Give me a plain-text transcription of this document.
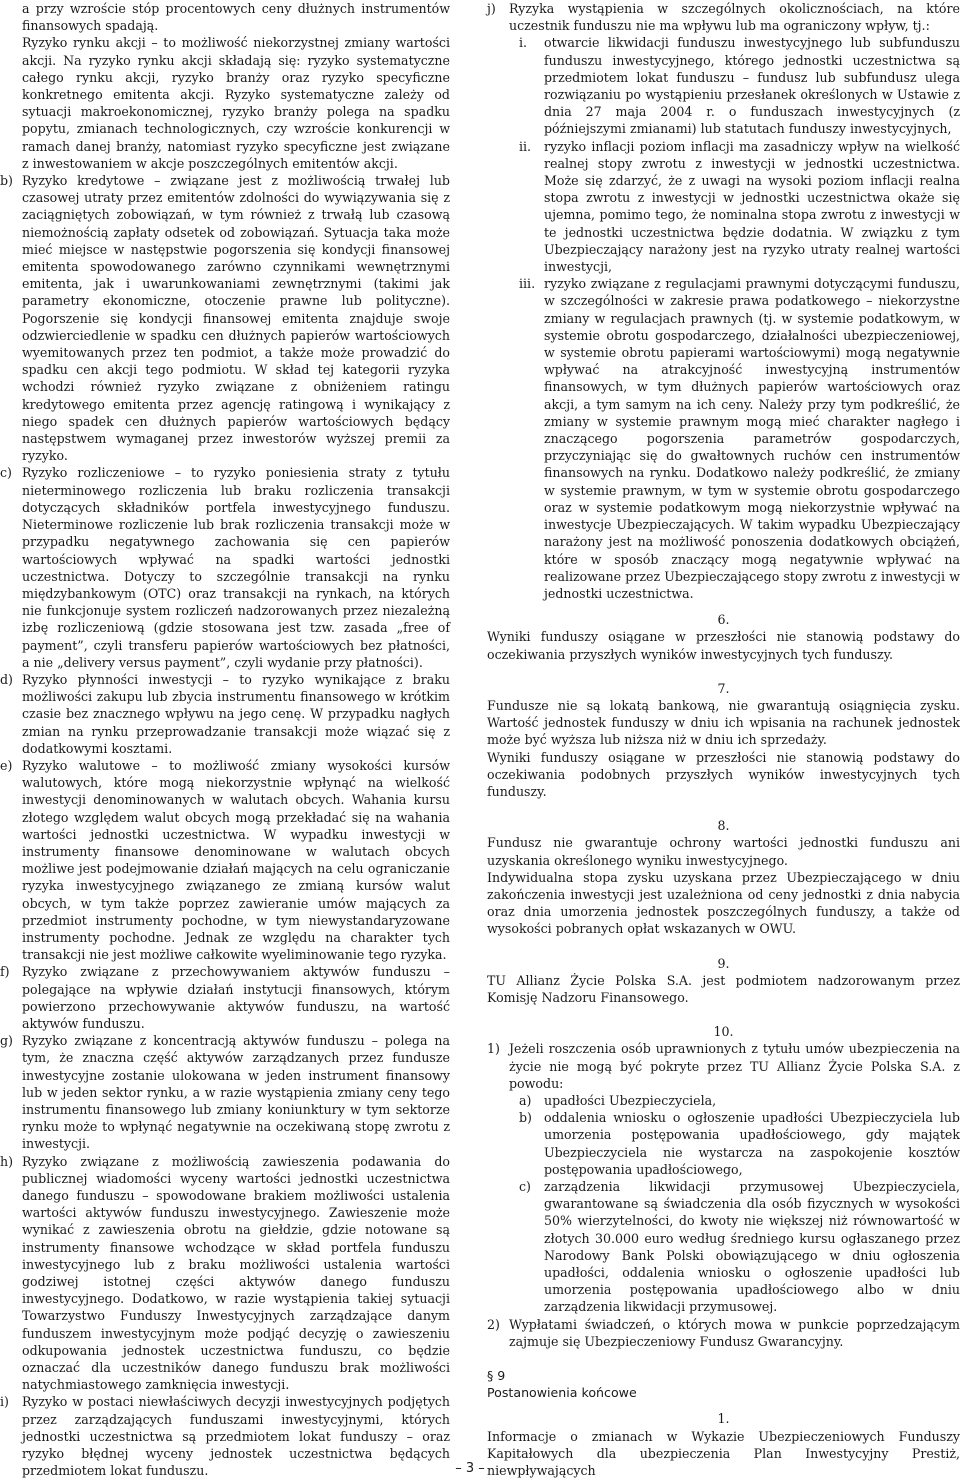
a przy wzroście stóp procentowych ceny dłużnych instrumentów finansowych spadają.

Ryzyko rynku akcji – to możliwość niekorzystnej zmiany wartości akcji. Na ryzyko rynku akcji składają się: ryzyko systematyczne całego rynku akcji, ryzyko branży oraz ryzyko specyficzne konkretnego emitenta akcji. Ryzyko systematyczne zależy od sytuacji makroekonomicznej, ryzyko branży polega na spadku popytu, zmianach technologicznych, czy wzroście konkurencji w ramach danej branży, natomiast ryzyko specyficzne jest związane z inwestowaniem w akcje poszczególnych emitentów akcji.

b) Ryzyko kredytowe – związane jest z możliwością trwałej lub czasowej utraty przez emitentów zdolności do wywiązywania się z zaciągniętych zobowiązań, w tym również z trwałą lub czasową niemożnością zapłaty odsetek od zobowiązań. Sytuacja taka może mieć miejsce w następstwie pogorszenia się kondycji finansowej emitenta spowodowanego zarówno czynnikami wewnętrznymi emitenta, jak i uwarunkowaniami zewnętrznymi (takimi jak parametry ekonomiczne, otoczenie prawne lub polityczne). Pogorszenie się kondycji finansowej emitenta znajduje swoje odzwierciedlenie w spadku cen dłużnych papierów wartościowych wyemitowanych przez ten podmiot, a także może prowadzić do spadku cen akcji tego podmiotu. W skład tej kategorii ryzyka wchodzi również ryzyko związane z obniżeniem ratingu kredytowego emitenta przez agencję ratingową i wynikający z niego spadek cen dłużnych papierów wartościowych będący następstwem wymaganej przez inwestorów wyższej premii za ryzyko.
c) Ryzyko rozliczeniowe – to ryzyko poniesienia straty z tytułu nieterminowego rozliczenia lub braku rozliczenia transakcji dotyczących składników portfela inwestycyjnego funduszu. Nieterminowe rozliczenie lub brak rozliczenia transakcji może w przypadku negatywnego zachowania się cen papierów wartościowych wpływać na spadki wartości jednostki uczestnictwa. Dotyczy to szczególnie transakcji na rynku międzybankowym (OTC) oraz transakcji na rynkach, na których nie funkcjonuje system rozliczeń nadzorowanych przez niezależną izbę rozliczeniową (gdzie stosowana jest tzw. zasada „free of payment”, czyli transferu papierów wartościowych bez płatności, a nie „delivery versus payment”, czyli wydanie przy płatności).
d) Ryzyko płynności inwestycji – to ryzyko wynikające z braku możliwości zakupu lub zbycia instrumentu finansowego w krótkim czasie bez znacznego wpływu na jego cenę. W przypadku nagłych zmian na rynku przeprowadzanie transakcji może wiązać się z dodatkowymi kosztami.
e) Ryzyko walutowe – to możliwość zmiany wysokości kursów walutowych, które mogą niekorzystnie wpłynąć na wielkość inwestycji denominowanych w walutach obcych. Wahania kursu złotego względem walut obcych mogą przekładać się na wahania wartości jednostki uczestnictwa. W wypadku inwestycji w instrumenty finansowe denominowane w walutach obcych możliwe jest podejmowanie działań mających na celu ograniczanie ryzyka inwestycyjnego związanego ze zmianą kursów walut obcych, w tym także poprzez zawieranie umów mających za przedmiot instrumenty pochodne, w tym niewystandaryzowane instrumenty pochodne. Jednak ze względu na charakter tych transakcji nie jest możliwe całkowite wyeliminowanie tego ryzyka.
f) Ryzyko związane z przechowywaniem aktywów funduszu – polegające na wpływie działań instytucji finansowych, którym powierzono przechowywanie aktywów funduszu, na wartość aktywów funduszu.
g) Ryzyko związane z koncentracją aktywów funduszu – polega na tym, że znaczna część aktywów zarządzanych przez fundusze inwestycyjne zostanie ulokowana w jeden instrument finansowy lub w jeden sektor rynku, a w razie wystąpienia zmiany ceny tego instrumentu finansowego lub zmiany koniunktury w tym sektorze rynku może to wpłynąć negatywnie na oczekiwaną stopę zwrotu z inwestycji.
h) Ryzyko związane z możliwością zawieszenia podawania do publicznej wiadomości wyceny wartości jednostki uczestnictwa danego funduszu – spowodowane brakiem możliwości ustalenia wartości aktywów funduszu inwestycyjnego. Zawieszenie może wynikać z zawieszenia obrotu na giełdzie, gdzie notowane są instrumenty finansowe wchodzące w skład portfela funduszu inwestycyjnego lub z braku możliwości ustalenia wartości godziwej istotnej części aktywów danego funduszu inwestycyjnego. Dodatkowo, w razie wystąpienia takiej sytuacji Towarzystwo Funduszy Inwestycyjnych zarządzające danym funduszem inwestycyjnym może podjąć decyzję o zawieszeniu odkupowania jednostek uczestnictwa funduszu, co będzie oznaczać dla uczestników danego funduszu brak możliwości natychmiastowego zamknięcia inwestycji.
i) Ryzyko w postaci niewłaściwych decyzji inwestycyjnych podjętych przez zarządzających funduszami inwestycyjnymi, których jednostki uczestnictwa są przedmiotem lokat funduszy – oraz ryzyko błędnej wyceny jednostek uczestnictwa będących przedmiotem lokat funduszu.
j) Ryzyka wystąpienia w szczególnych okolicznościach, na które uczestnik funduszu nie ma wpływu lub ma ograniczony wpływ, tj.:
i. otwarcie likwidacji funduszu inwestycyjnego lub subfunduszu funduszu inwestycyjnego, którego jednostki uczestnictwa są przedmiotem lokat funduszu – fundusz lub subfundusz ulega rozwiązaniu po wystąpieniu przesłanek określonych w Ustawie z dnia 27 maja 2004 r. o funduszach inwestycyjnych (z późniejszymi zmianami) lub statutach funduszy inwestycyjnych,
ii. ryzyko inflacji poziom inflacji ma zasadniczy wpływ na wielkość realnej stopy zwrotu z inwestycji w jednostki uczestnictwa. Może się zdarzyć, że z uwagi na wysoki poziom inflacji realna stopa zwrotu z inwestycji w jednostki uczestnictwa okaże się ujemna, pomimo tego, że nominalna stopa zwrotu z inwestycji w te jednostki uczestnictwa będzie dodatnia. W związku z tym Ubezpieczający narażony jest na ryzyko utraty realnej wartości inwestycji,
iii. ryzyko związane z regulacjami prawnymi dotyczącymi funduszu, w szczególności w zakresie prawa podatkowego – niekorzystne zmiany w regulacjach prawnych (tj. w systemie podatkowym, w systemie obrotu gospodarczego, działalności ubezpieczeniowej, w systemie obrotu papierami wartościowymi) mogą negatywnie wpływać na atrakcyjność inwestycyjną instrumentów finansowych, w tym dłużnych papierów wartościowych oraz akcji, a tym samym na ich ceny. Należy przy tym podkreślić, że zmiany w systemie prawnym mogą mieć charakter nagłego i znaczącego pogorszenia parametrów gospodarczych, przyczyniając się do gwałtownych ruchów cen instrumentów finansowych na rynku. Dodatkowo należy podkreślić, że zmiany w systemie prawnym, w tym w systemie obrotu gospodarczego oraz w systemie podatkowym mogą niekorzystnie wpływać na inwestycje Ubezpieczających. W takim wypadku Ubezpieczający narażony jest na możliwość ponoszenia dodatkowych obciążeń, które w sposób znaczący mogą negatywnie wpływać na realizowane przez Ubezpieczającego stopy zwrotu z inwestycji w jednostki uczestnictwa.

6.

Wyniki funduszy osiągane w przeszłości nie stanowią podstawy do oczekiwania przyszłych wyników inwestycyjnych tych funduszy.

7.

Fundusze nie są lokatą bankową, nie gwarantują osiągnięcia zysku. Wartość jednostek funduszy w dniu ich wpisania na rachunek jednostek może być wyższa lub niższa niż w dniu ich sprzedaży.

Wyniki funduszy osiągane w przeszłości nie stanowią podstawy do oczekiwania podobnych przyszłych wyników inwestycyjnych tych funduszy.

8.

Fundusz nie gwarantuje ochrony wartości jednostki funduszu ani uzyskania określonego wyniku inwestycyjnego.

Indywidualna stopa zysku uzyskana przez Ubezpieczającego w dniu zakończenia inwestycji jest uzależniona od ceny jednostki z dnia nabycia oraz dnia umorzenia jednostek poszczególnych funduszy, a także od wysokości pobranych opłat wskazanych w OWU.

9.

TU Allianz Życie Polska S.A. jest podmiotem nadzorowanym przez Komisję Nadzoru Finansowego.

10.

1) Jeżeli roszczenia osób uprawnionych z tytułu umów ubezpieczenia na życie nie mogą być pokryte przez TU Allianz Życie Polska S.A. z powodu:
a) upadłości Ubezpieczyciela,
b) oddalenia wniosku o ogłoszenie upadłości Ubezpieczyciela lub umorzenia postępowania upadłościowego, gdy majątek Ubezpieczyciela nie wystarcza na zaspokojenie kosztów postępowania upadłościowego,
c) zarządzenia likwidacji przymusowej Ubezpieczyciela, gwarantowane są świadczenia dla osób fizycznych w wysokości 50% wierzytelności, do kwoty nie większej niż równowartość w złotych 30.000 euro według średniego kursu ogłaszanego przez Narodowy Bank Polski obowiązującego w dniu ogłoszenia upadłości, oddalenia wniosku o ogłoszenie upadłości lub umorzenia postępowania upadłościowego albo w dniu zarządzenia likwidacji przymusowej.
2) Wypłatami świadczeń, o których mowa w punkcie poprzedzającym zajmuje się Ubezpieczeniowy Fundusz Gwarancyjny.

§ 9

Postanowienia końcowe

1.

Informacje o zmianach w Wykazie Ubezpieczeniowych Funduszy Kapitałowych dla ubezpieczenia Plan Inwestycyjny Prestiż, niewpływających

– 3 –
